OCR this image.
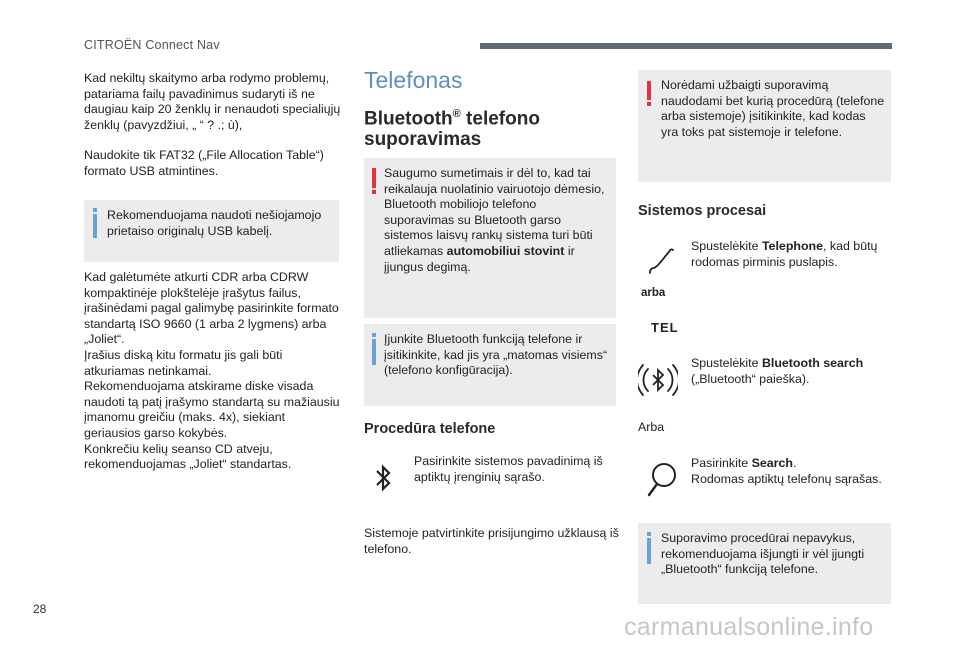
CITROËN Connect Nav

Kad nekiltų skaitymo arba rodymo problemų, patariama failų pavadinimus sudaryti iš ne daugiau kaip 20 ženklų ir nenaudoti specialiųjų ženklų (pavyzdžiui, „ “ ? .; ù),

Naudokite tik FAT32 („File Allocation Table“) formato USB atmintines.

Rekomenduojama naudoti nešiojamojo prietaiso originalų USB kabelį.

Kad galėtumėte atkurti CDR arba CDRW kompaktinėje plokštelėje įrašytus failus, įrašinėdami pagal galimybę pasirinkite formato standartą ISO 9660 (1 arba 2 lygmens) arba „Joliet“.

Įrašius diską kitu formatu jis gali būti atkuriamas netinkamai.

Rekomenduojama atskirame diske visada naudoti tą patį įrašymo standartą su mažiausiu įmanomu greičiu (maks. 4x), siekiant geriausios garso kokybės.

Konkrečiu kelių seanso CD atveju, rekomenduojamas „Joliet“ standartas.

Telefonas
Bluetooth® telefono
suporavimas

Saugumo sumetimais ir dėl to, kad tai reikalauja nuolatinio vairuotojo dėmesio, Bluetooth mobiliojo telefono suporavimas su Bluetooth garso sistemos laisvų rankų sistema turi būti atliekamas automobiliui stovint ir įjungus degimą.

Įjunkite Bluetooth funkciją telefone ir įsitikinkite, kad jis yra „matomas visiems“ (telefono konfigūracija).

Procedūra telefone

Pasirinkite sistemos pavadinimą iš aptiktų įrenginių sąrašo.

Sistemoje patvirtinkite prisijungimo užklausą iš telefono.

Norėdami užbaigti suporavimą naudodami bet kurią procedūrą (telefone arba sistemoje) įsitikinkite, kad kodas yra toks pat sistemoje ir telefone.

Sistemos procesai

Spustelėkite Telephone, kad būtų rodomas pirminis puslapis.

arba
TEL

Spustelėkite Bluetooth search
(„Bluetooth“ paieška).

Arba

Pasirinkite Search.
Rodomas aptiktų telefonų sąrašas.

Suporavimo procedūrai nepavykus, rekomenduojama išjungti ir vėl įjungti „Bluetooth“ funkciją telefone.

28
carmanualsonline.info
